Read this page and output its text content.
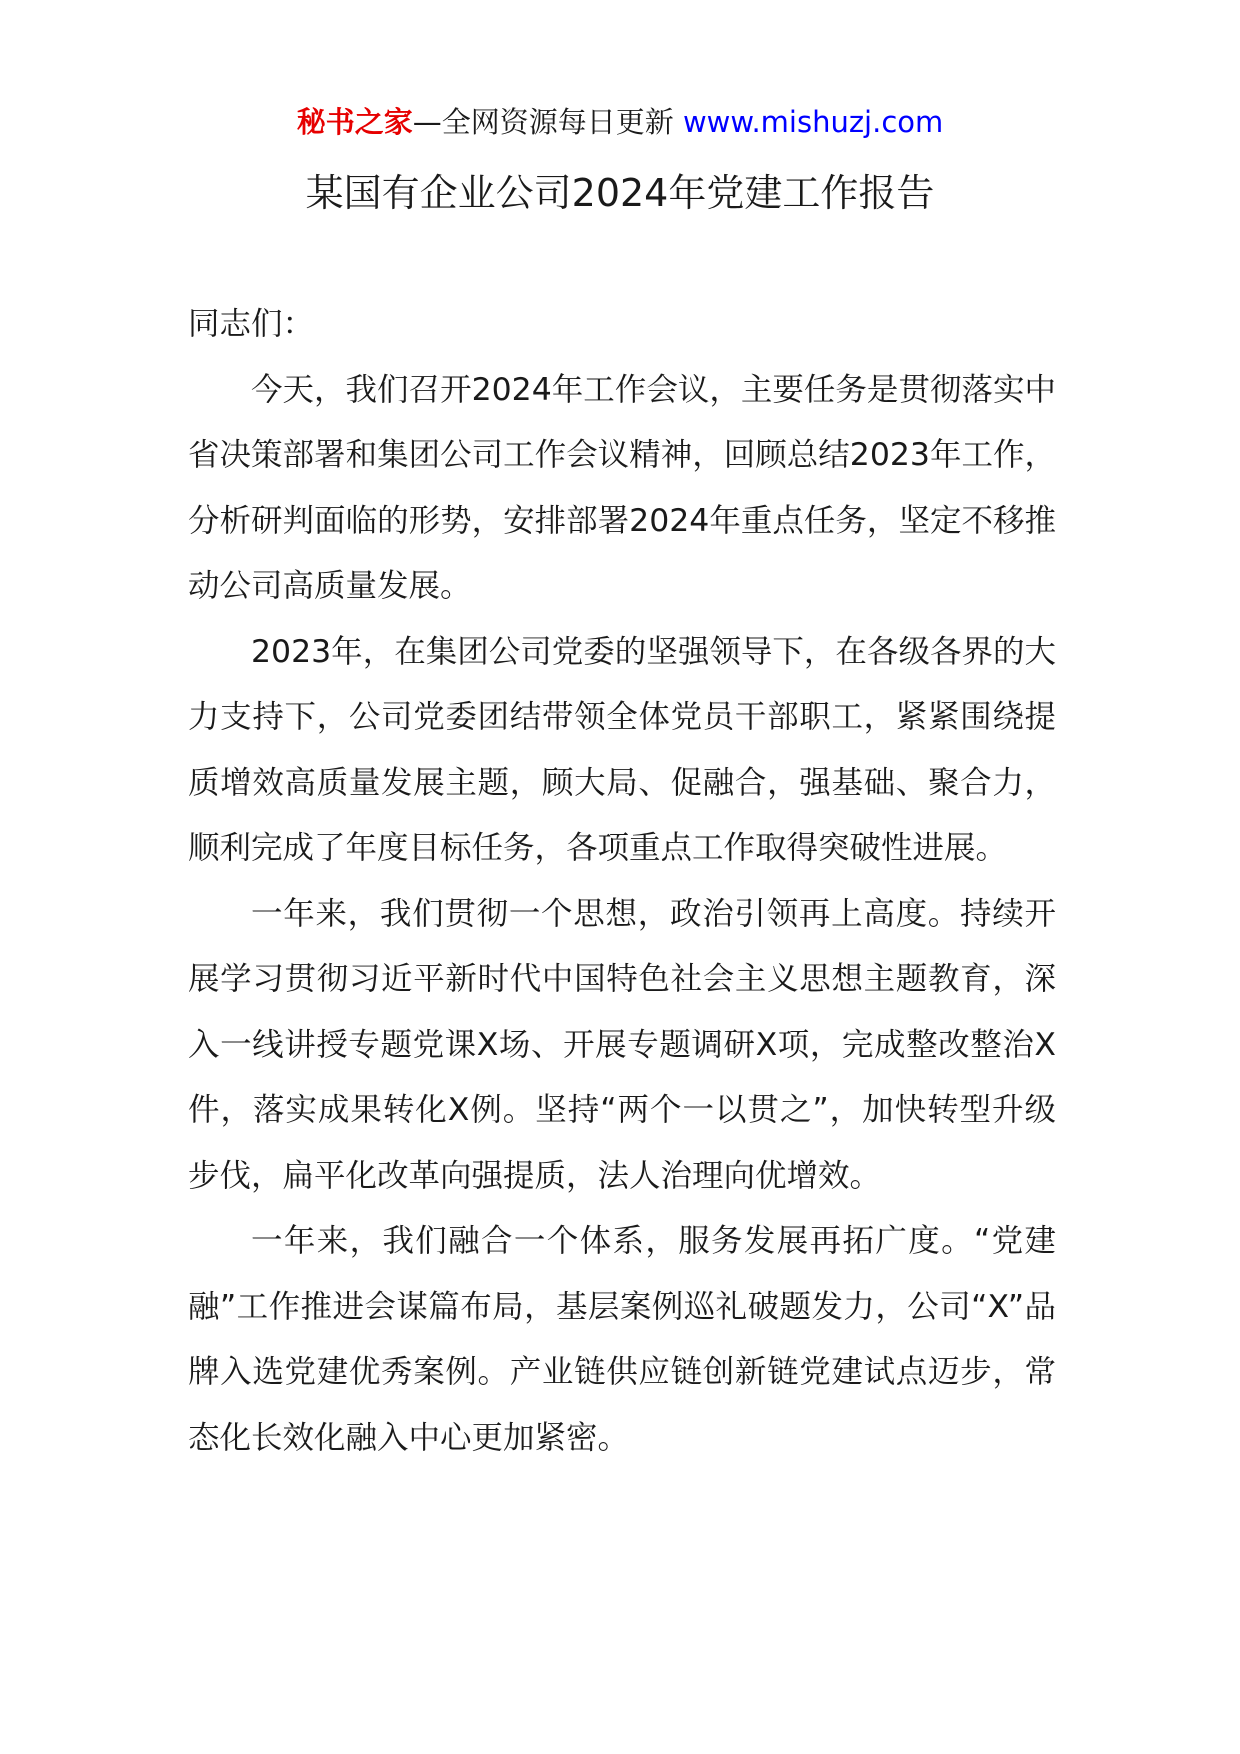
秘书之家—全网资源每日更新 www.mishuzj.com
某国有企业公司2024年党建工作报告

同志们：

今天，我们召开2024年工作会议，主要任务是贯彻落实中省决策部署和集团公司工作会议精神，回顾总结2023年工作，分析研判面临的形势，安排部署2024年重点任务，坚定不移推动公司高质量发展。

2023年，在集团公司党委的坚强领导下，在各级各界的大力支持下，公司党委团结带领全体党员干部职工，紧紧围绕提质增效高质量发展主题，顾大局、促融合，强基础、聚合力，顺利完成了年度目标任务，各项重点工作取得突破性进展。

一年来，我们贯彻一个思想，政治引领再上高度。持续开展学习贯彻习近平新时代中国特色社会主义思想主题教育，深入一线讲授专题党课X场、开展专题调研X项，完成整改整治X件，落实成果转化X例。坚持“两个一以贯之”，加快转型升级步伐，扁平化改革向强提质，法人治理向优增效。

一年来，我们融合一个体系，服务发展再拓广度。“党建融”工作推进会谋篇布局，基层案例巡礼破题发力，公司“X”品牌入选党建优秀案例。产业链供应链创新链党建试点迈步，常态化长效化融入中心更加紧密。
